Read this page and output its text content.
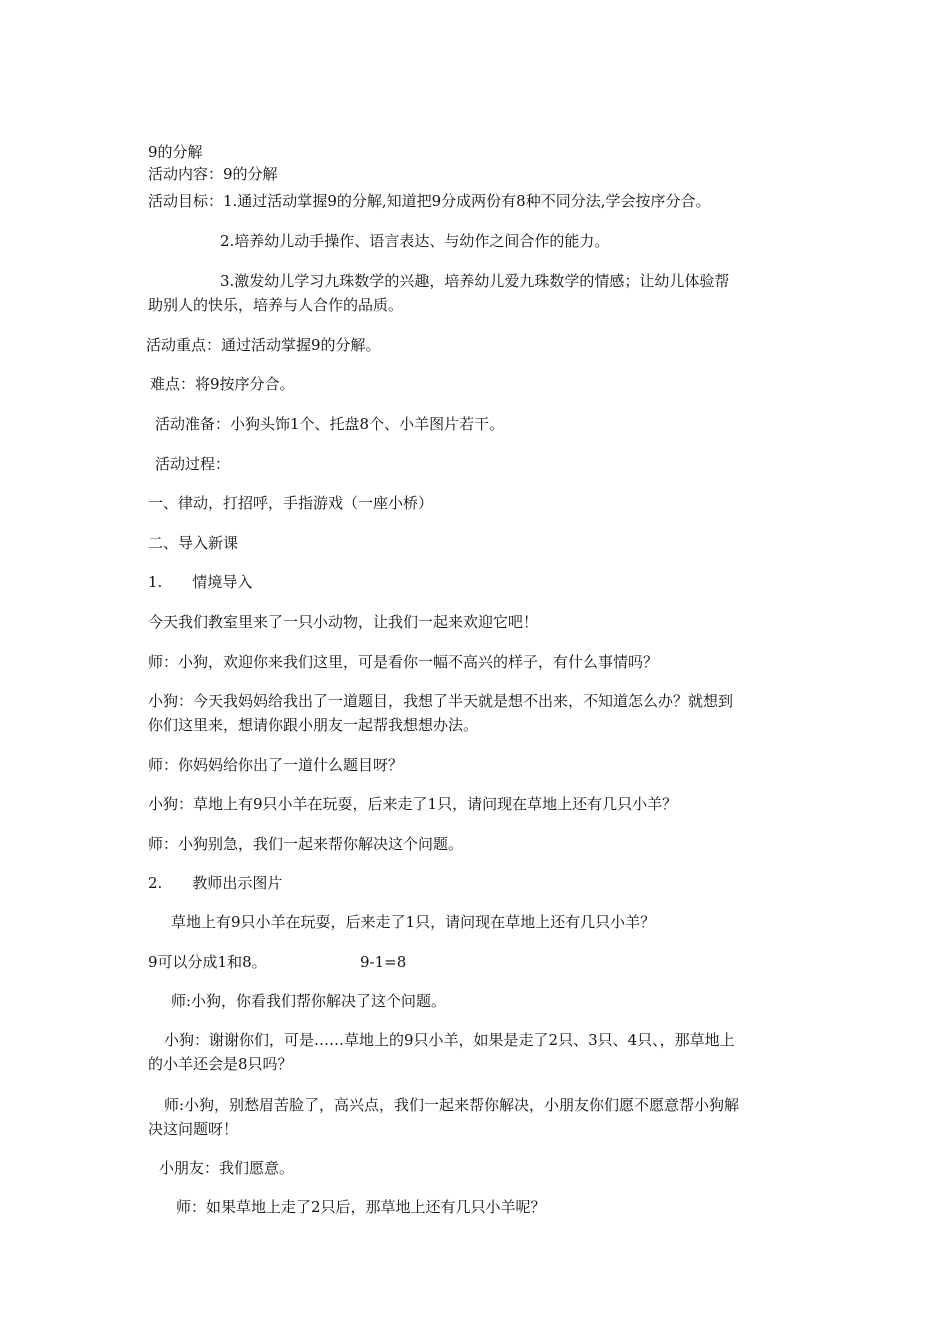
9的分解
活动内容：9的分解
活动目标：1.通过活动掌握9的分解,知道把9分成两份有8种不同分法,学会按序分合。
2.培养幼儿动手操作、语言表达、与幼作之间合作的能力。
3.激发幼儿学习九珠数学的兴趣，培养幼儿爱九珠数学的情感；让幼儿体验帮
助别人的快乐，培养与人合作的品质。
活动重点：通过活动掌握9的分解。
难点：将9按序分合。
活动准备：小狗头饰1个、托盘8个、小羊图片若干。
活动过程：
一、律动，打招呼，手指游戏（一座小桥）
二、导入新课
1. 情境导入
今天我们教室里来了一只小动物，让我们一起来欢迎它吧！
师：小狗，欢迎你来我们这里，可是看你一幅不高兴的样子，有什么事情吗？
小狗：今天我妈妈给我出了一道题目，我想了半天就是想不出来，不知道怎么办？就想到
你们这里来，想请你跟小朋友一起帮我想想办法。
师：你妈妈给你出了一道什么题目呀？
小狗：草地上有9只小羊在玩耍，后来走了1只，请问现在草地上还有几只小羊？
师：小狗别急，我们一起来帮你解决这个问题。
2. 教师出示图片
草地上有9只小羊在玩耍，后来走了1只，请问现在草地上还有几只小羊？
9可以分成1和8。	9-1=8
师:小狗，你看我们帮你解决了这个问题。
小狗：谢谢你们，可是……草地上的9只小羊，如果是走了2只、3只、4只、，那草地上
的小羊还会是8只吗？
师:小狗，别愁眉苦脸了，高兴点，我们一起来帮你解决，小朋友你们愿不愿意帮小狗解
决这问题呀！
小朋友：我们愿意。
师：如果草地上走了2只后，那草地上还有几只小羊呢？
